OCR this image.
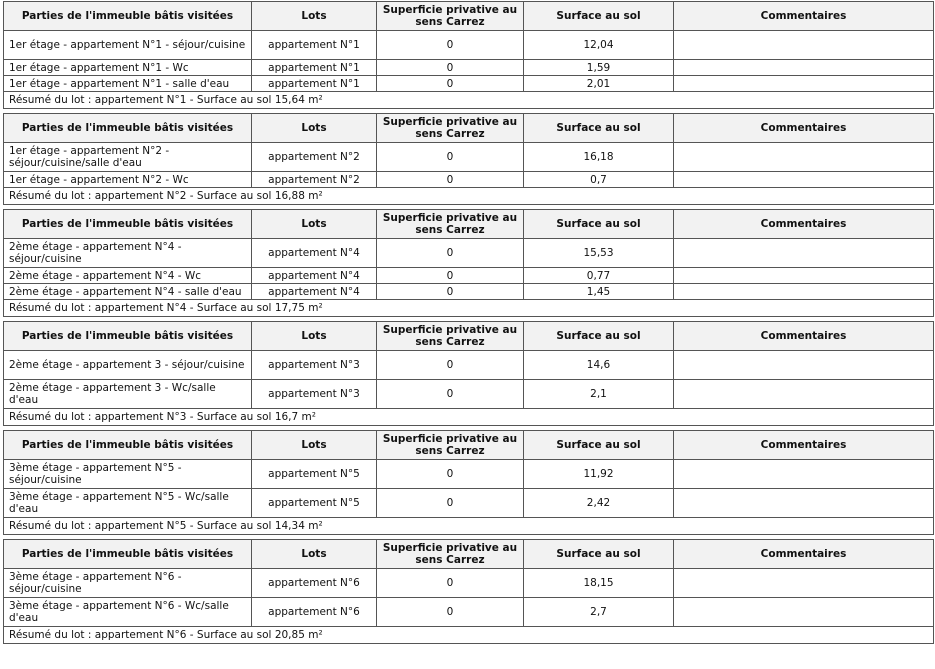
Parties de l'immeuble bâtis visitées	Lots	Superficie privative au sens Carrez	Surface au sol	Commentaires
1er étage - appartement N°1 - séjour/cuisine	appartement N°1	0	12,04	
1er étage - appartement N°1 - Wc	appartement N°1	0	1,59	
1er étage - appartement N°1 - salle d'eau	appartement N°1	0	2,01	
Résumé du lot : appartement N°1 - Surface au sol 15,64 m²				
Parties de l'immeuble bâtis visitées	Lots	Superficie privative au sens Carrez	Surface au sol	Commentaires
1er étage - appartement N°2 - séjour/cuisine/salle d'eau	appartement N°2	0	16,18	
1er étage - appartement N°2 - Wc	appartement N°2	0	0,7	
Résumé du lot : appartement N°2 - Surface au sol 16,88 m²				
Parties de l'immeuble bâtis visitées	Lots	Superficie privative au sens Carrez	Surface au sol	Commentaires
2ème étage - appartement N°4 - séjour/cuisine	appartement N°4	0	15,53	
2ème étage - appartement N°4 - Wc	appartement N°4	0	0,77	
2ème étage - appartement N°4 - salle d'eau	appartement N°4	0	1,45	
Résumé du lot : appartement N°4 - Surface au sol 17,75 m²				
Parties de l'immeuble bâtis visitées	Lots	Superficie privative au sens Carrez	Surface au sol	Commentaires
2ème étage - appartement 3 - séjour/cuisine	appartement N°3	0	14,6	
2ème étage - appartement 3 - Wc/salle d'eau	appartement N°3	0	2,1	
Résumé du lot : appartement N°3 - Surface au sol 16,7 m²				
Parties de l'immeuble bâtis visitées	Lots	Superficie privative au sens Carrez	Surface au sol	Commentaires
3ème étage - appartement N°5 - séjour/cuisine	appartement N°5	0	11,92	
3ème étage - appartement N°5 - Wc/salle d'eau	appartement N°5	0	2,42	
Résumé du lot : appartement N°5 - Surface au sol 14,34 m²				
Parties de l'immeuble bâtis visitées	Lots	Superficie privative au sens Carrez	Surface au sol	Commentaires
3ème étage - appartement N°6 - séjour/cuisine	appartement N°6	0	18,15	
3ème étage - appartement N°6 - Wc/salle d'eau	appartement N°6	0	2,7	
Résumé du lot : appartement N°6 - Surface au sol 20,85 m²				
